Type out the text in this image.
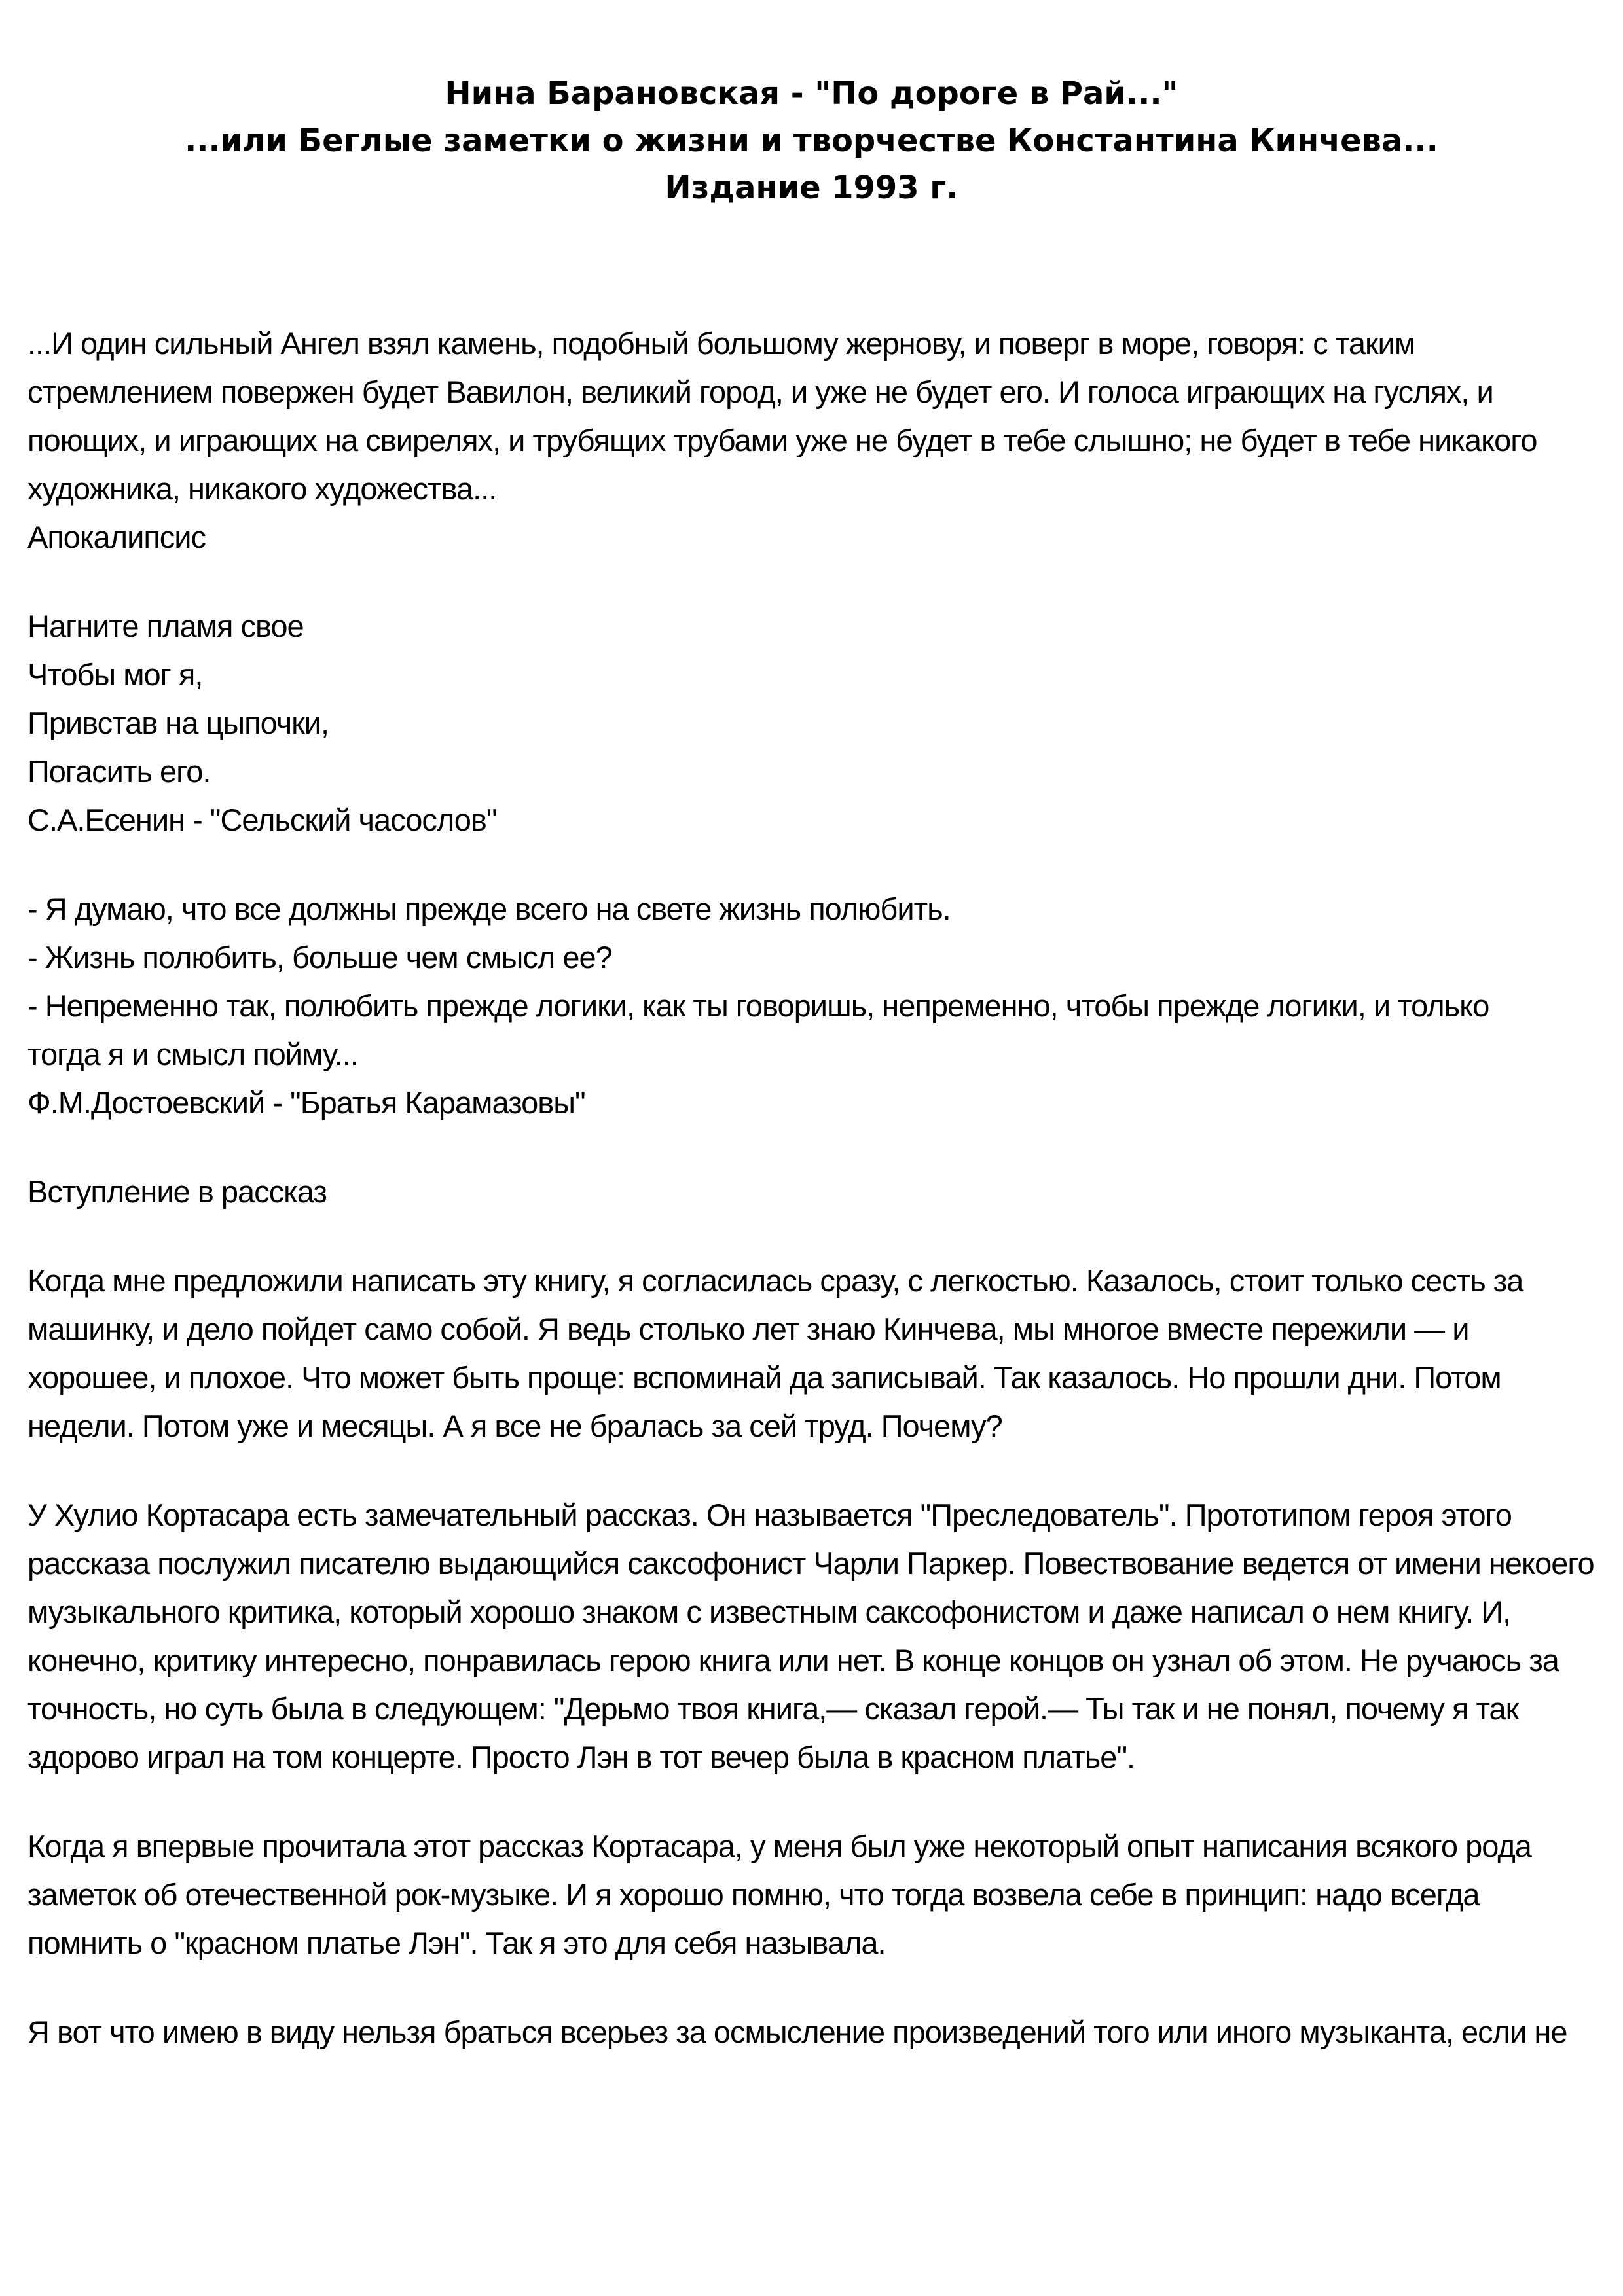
Нина Барановская - "По дороге в Рай..."
...или Беглые заметки о жизни и творчестве Константина Кинчева...
Издание 1993 г.
...И один сильный Ангел взял камень, подобный большому жернову, и поверг в море, говоря: с таким
стремлением повержен будет Вавилон, великий город, и уже не будет его. И голоса играющих на гуслях, и
поющих, и играющих на свирелях, и трубящих трубами уже не будет в тебе слышно; не будет в тебе никакого
художника, никакого художества...
Апокалипсис
Нагните пламя свое
Чтобы мог я,
Привстав на цыпочки,
Погасить его.
С.А.Есенин - "Сельский часослов"
- Я думаю, что все должны прежде всего на свете жизнь полюбить.
- Жизнь полюбить, больше чем смысл ее?
- Непременно так, полюбить прежде логики, как ты говоришь, непременно, чтобы прежде логики, и только
тогда я и смысл пойму...
Ф.М.Достоевский - "Братья Карамазовы"
Вступление в рассказ
Когда мне предложили написать эту книгу, я согласилась сразу, с легкостью. Казалось, стоит только сесть за
машинку, и дело пойдет само собой. Я ведь столько лет знаю Кинчева, мы многое вместе пережили — и
хорошее, и плохое. Что может быть проще: вспоминай да записывай. Так казалось. Но прошли дни. Потом
недели. Потом уже и месяцы. А я все не бралась за сей труд. Почему?
У Хулио Кортасара есть замечательный рассказ. Он называется "Преследователь". Прототипом героя этого
рассказа послужил писателю выдающийся саксофонист Чарли Паркер. Повествование ведется от имени некоего
музыкального критика, который хорошо знаком с известным саксофонистом и даже написал о нем книгу. И,
конечно, критику интересно, понравилась герою книга или нет. В конце концов он узнал об этом. Не ручаюсь за
точность, но суть была в следующем: "Дерьмо твоя книга,— сказал герой.— Ты так и не понял, почему я так
здорово играл на том концерте. Просто Лэн в тот вечер была в красном платье".
Когда я впервые прочитала этот рассказ Кортасара, у меня был уже некоторый опыт написания всякого рода
заметок об отечественной рок-музыке. И я хорошо помню, что тогда возвела себе в принцип: надо всегда
помнить о "красном платье Лэн". Так я это для себя называла.
Я вот что имею в виду нельзя браться всерьез за осмысление произведений того или иного музыканта, если не
